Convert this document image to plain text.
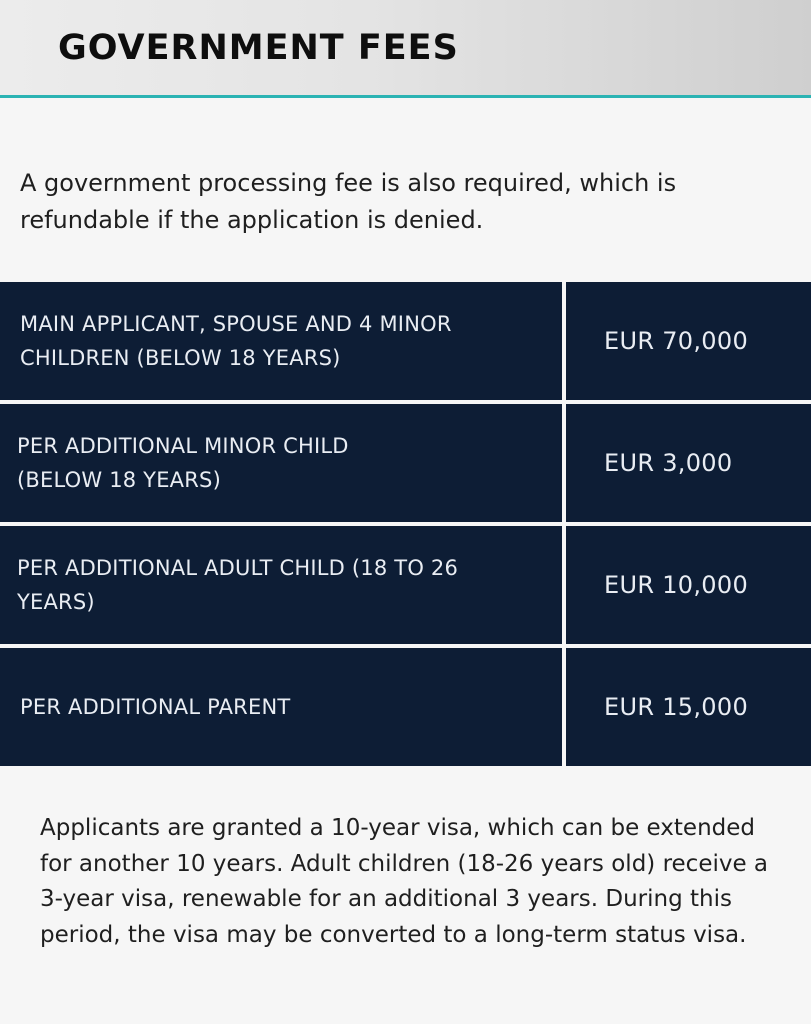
GOVERNMENT FEES

A government processing fee is also required, which is refundable if the application is denied.

MAIN APPLICANT, SPOUSE AND 4 MINOR CHILDREN (BELOW 18 YEARS)
EUR 70,000
PER ADDITIONAL MINOR CHILD (BELOW 18 YEARS)
EUR 3,000
PER ADDITIONAL ADULT CHILD (18 TO 26 YEARS)
EUR 10,000
PER ADDITIONAL PARENT	EUR 15,000

Applicants are granted a 10-year visa, which can be extended for another 10 years. Adult children (18-26 years old) receive a 3-year visa, renewable for an additional 3 years. During this period, the visa may be converted to a long-term status visa.
